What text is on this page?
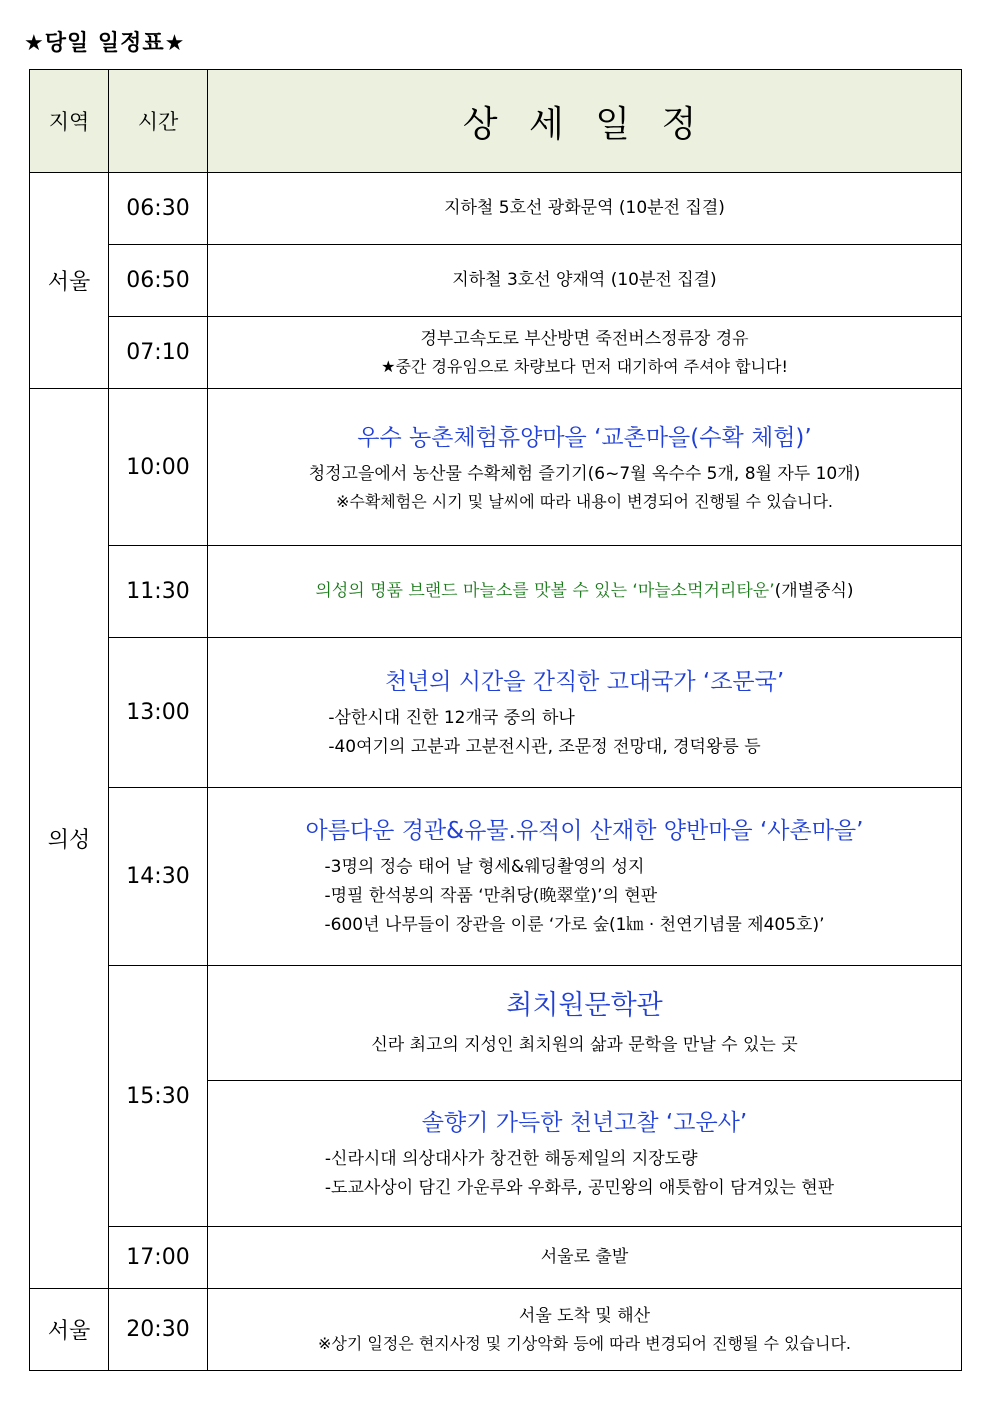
★당일 일정표★
지역	시간	상 세 일 정
서울	06:30	지하철 5호선 광화문역 (10분전 집결)
	06:50	지하철 3호선 양재역 (10분전 집결)
	07:10	경부고속도로 부산방면 죽전버스정류장 경유
★중간 경유임으로 차량보다 먼저 대기하여 주셔야 합니다!

의성	10:00	우수 농촌체험휴양마을 ‘교촌마을(수확 체험)’
청정고을에서 농산물 수확체험 즐기기(6~7월 옥수수 5개, 8월 자두 10개)
※수확체험은 시기 및 날씨에 따라 내용이 변경되어 진행될 수 있습니다.

	11:30	의성의 명품 브랜드 마늘소를 맛볼 수 있는 ‘마늘소먹거리타운’(개별중식)
	13:00	천년의 시간을 간직한 고대국가 ‘조문국’
-삼한시대 진한 12개국 중의 하나
-40여기의 고분과 고분전시관, 조문정 전망대, 경덕왕릉 등

	14:30	아름다운 경관&유물.유적이 산재한 양반마을 ‘사촌마을’
-3명의 정승 태어 날 형세&웨딩촬영의 성지
-명필 한석봉의 작품 ‘만취당(晩翠堂)’의 현판
-600년 나무들이 장관을 이룬 ‘가로 숲(1㎞ · 천연기념물 제405호)’

	15:30	최치원문학관
신라 최고의 지성인 최치원의 삶과 문학을 만날 수 있는 곳

		솔향기 가득한 천년고찰 ‘고운사’
-신라시대 의상대사가 창건한 해동제일의 지장도량
-도교사상이 담긴 가운루와 우화루, 공민왕의 애틋함이 담겨있는 현판

	17:00	서울로 출발
서울	20:30	서울 도착 및 해산
※상기 일정은 현지사정 및 기상악화 등에 따라 변경되어 진행될 수 있습니다.
